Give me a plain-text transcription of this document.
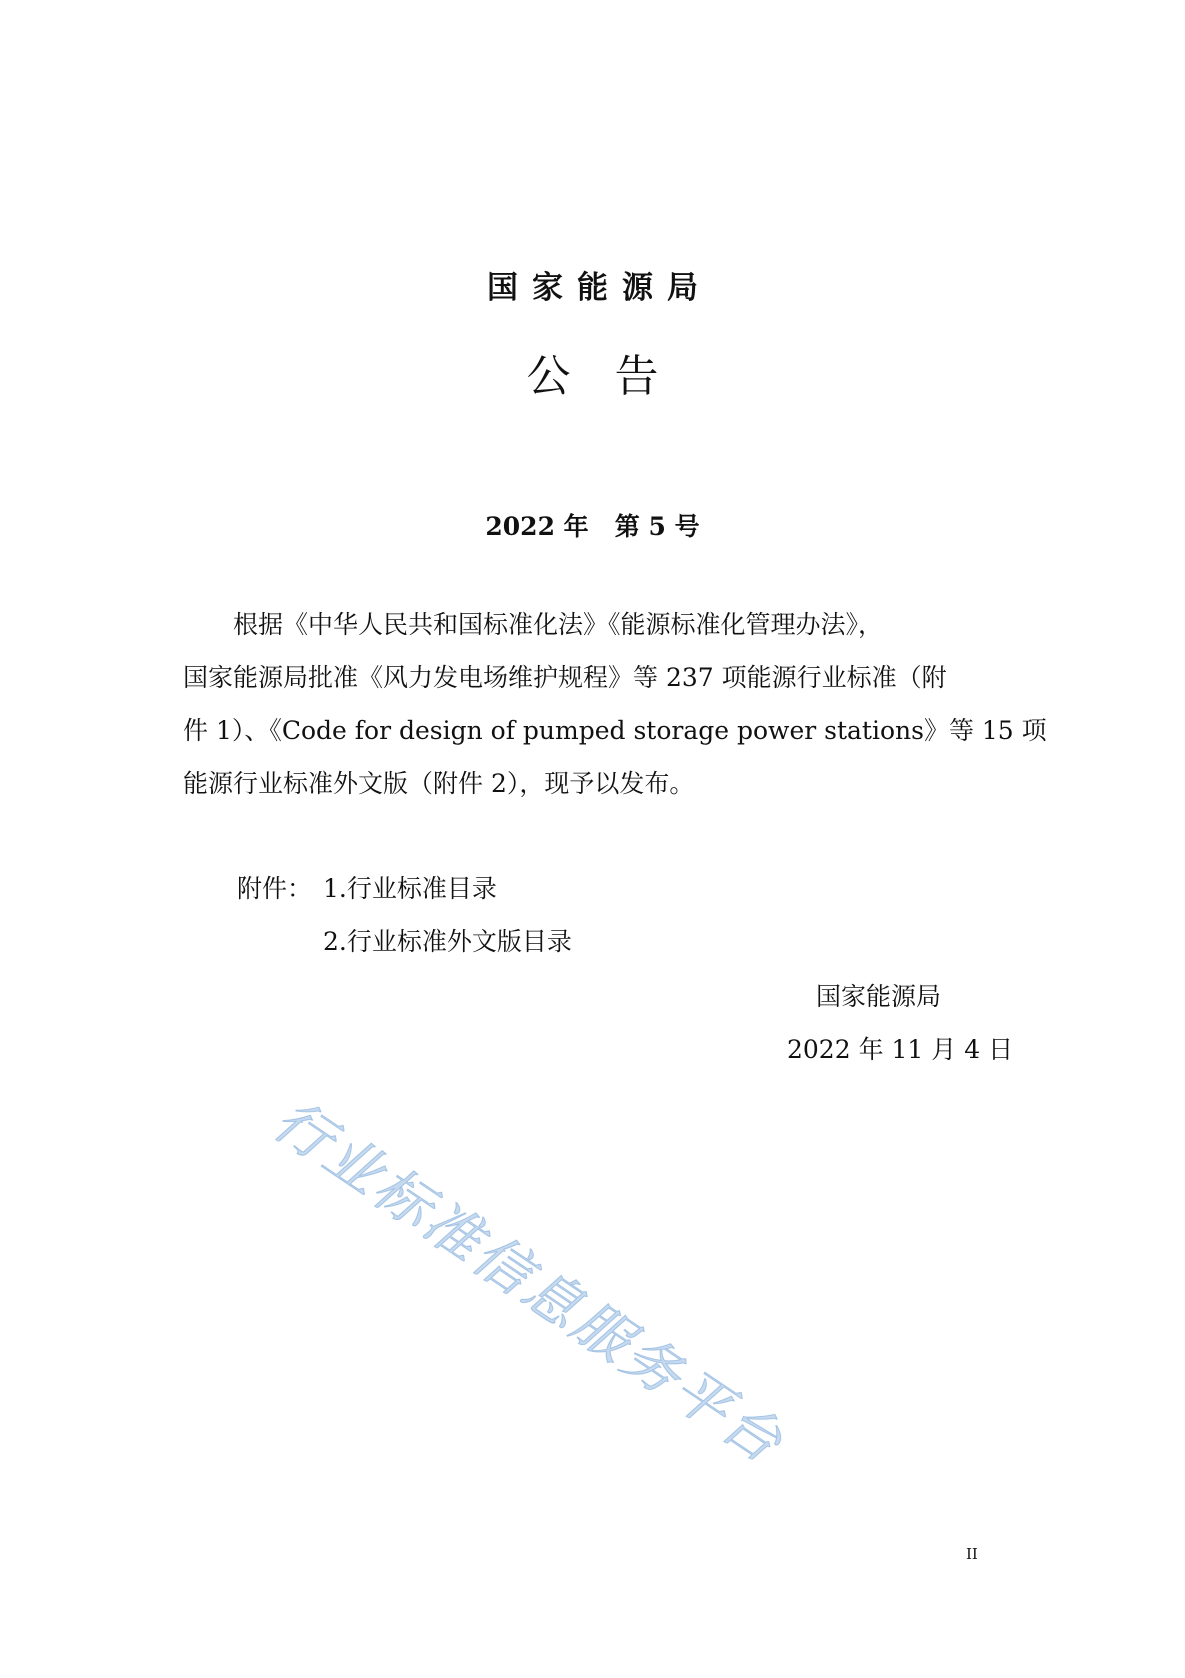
国家能源局
公告
2022 年   第 5 号
根据《中华人民共和国标准化法》《能源标准化管理办法》，
国家能源局批准《风力发电场维护规程》等 237 项能源行业标准（附
件 1）、《Code for design of pumped storage power stations》等 15 项
能源行业标准外文版（附件 2），现予以发布。
附件： 1.行业标准目录
2.行业标准外文版目录
国家能源局
2022 年 11 月 4 日
行业标准信息服务平台
II
